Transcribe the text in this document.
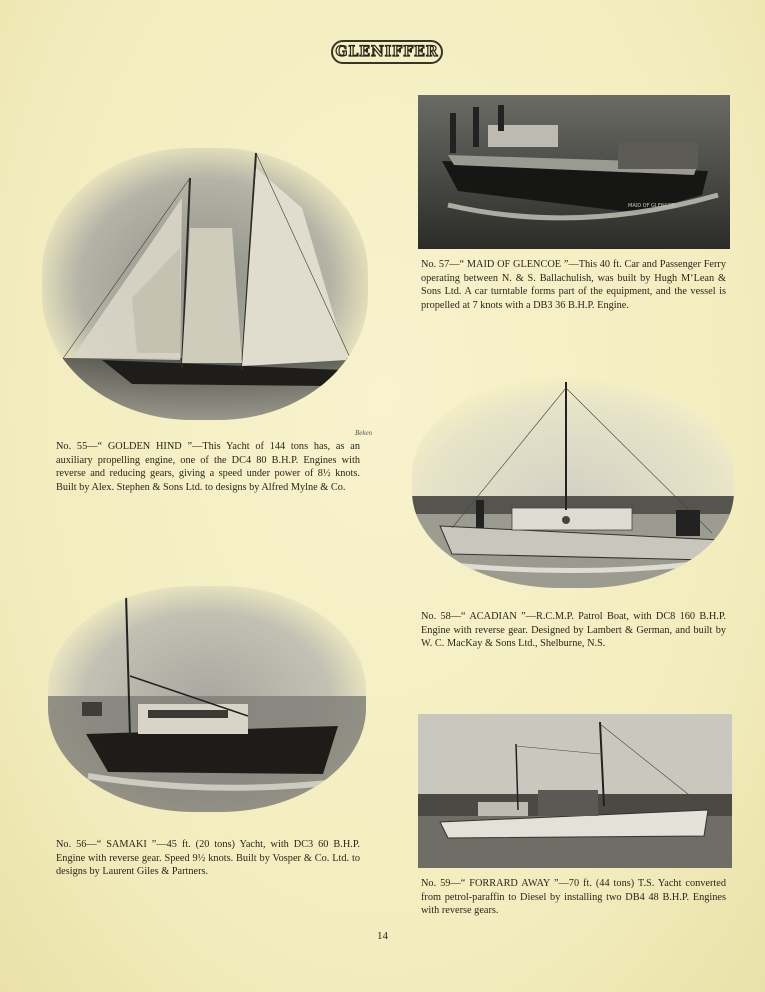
GLENIFFER
Beken
No. 55—“ GOLDEN HIND ”—This Yacht of 144 tons has, as an auxiliary propelling engine, one of the DC4 80 B.H.P. Engines with reverse and reducing gears, giving a speed under power of 8½ knots. Built by Alex. Stephen & Sons Ltd. to designs by Alfred Mylne & Co.
No. 56—“ SAMAKI ”—45 ft. (20 tons) Yacht, with DC3 60 B.H.P. Engine with reverse gear. Speed 9½ knots. Built by Vosper & Co. Ltd. to designs by Laurent Giles & Partners.
MAID OF GLENCOE
No. 57—“ MAID OF GLENCOE ”—This 40 ft. Car and Passenger Ferry operating between N. & S. Ballachulish, was built by Hugh M‘Lean & Sons Ltd. A car turntable forms part of the equipment, and the vessel is propelled at 7 knots with a DB3 36 B.H.P. Engine.
No. 58—“ ACADIAN ”—R.C.M.P. Patrol Boat, with DC8 160 B.H.P. Engine with reverse gear. Designed by Lambert & German, and built by W. C. MacKay & Sons Ltd., Shelburne, N.S.
No. 59—“ FORRARD AWAY ”—70 ft. (44 tons) T.S. Yacht converted from petrol-paraffin to Diesel by installing two DB4 48 B.H.P. Engines with reverse gears.
14
